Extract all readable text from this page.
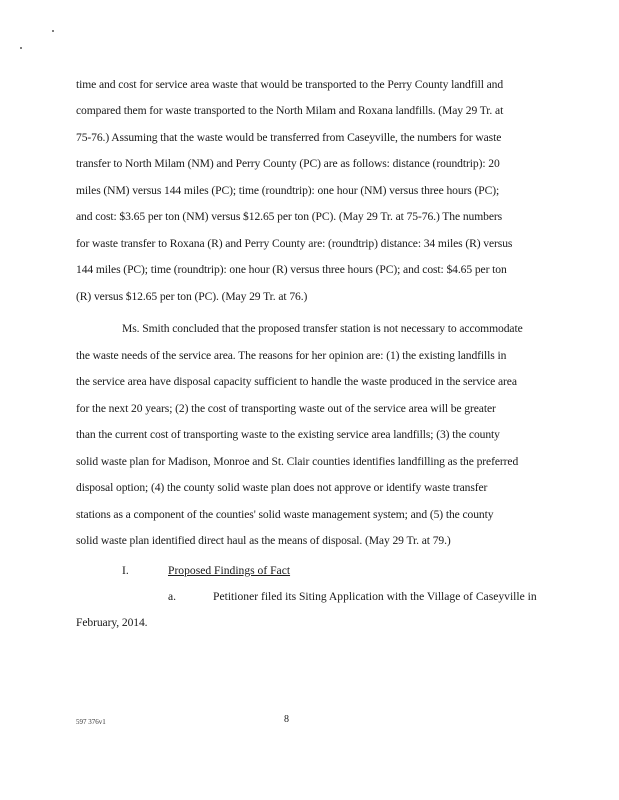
time and cost for service area waste that would be transported to the Perry County landfill and
compared them for waste transported to the North Milam and Roxana landfills. (May 29 Tr. at
75-76.) Assuming that the waste would be transferred from Caseyville, the numbers for waste
transfer to North Milam (NM) and Perry County (PC) are as follows: distance (roundtrip): 20
miles (NM) versus 144 miles (PC); time (roundtrip): one hour (NM) versus three hours (PC);
and cost: $3.65 per ton (NM) versus $12.65 per ton (PC). (May 29 Tr. at 75-76.) The numbers
for waste transfer to Roxana (R) and Perry County are: (roundtrip) distance: 34 miles (R) versus
144 miles (PC); time (roundtrip): one hour (R) versus three hours (PC); and cost: $4.65 per ton
(R) versus $12.65 per ton (PC). (May 29 Tr. at 76.)
Ms. Smith concluded that the proposed transfer station is not necessary to accommodate
the waste needs of the service area. The reasons for her opinion are: (1) the existing landfills in
the service area have disposal capacity sufficient to handle the waste produced in the service area
for the next 20 years; (2) the cost of transporting waste out of the service area will be greater
than the current cost of transporting waste to the existing service area landfills; (3) the county
solid waste plan for Madison, Monroe and St. Clair counties identifies landfilling as the preferred
disposal option; (4) the county solid waste plan does not approve or identify waste transfer
stations as a component of the counties' solid waste management system; and (5) the county
solid waste plan identified direct haul as the means of disposal. (May 29 Tr. at 79.)
I.	Proposed Findings of Fact
a.	Petitioner filed its Siting Application with the Village of Caseyville in
February, 2014.
597 376v1	8
